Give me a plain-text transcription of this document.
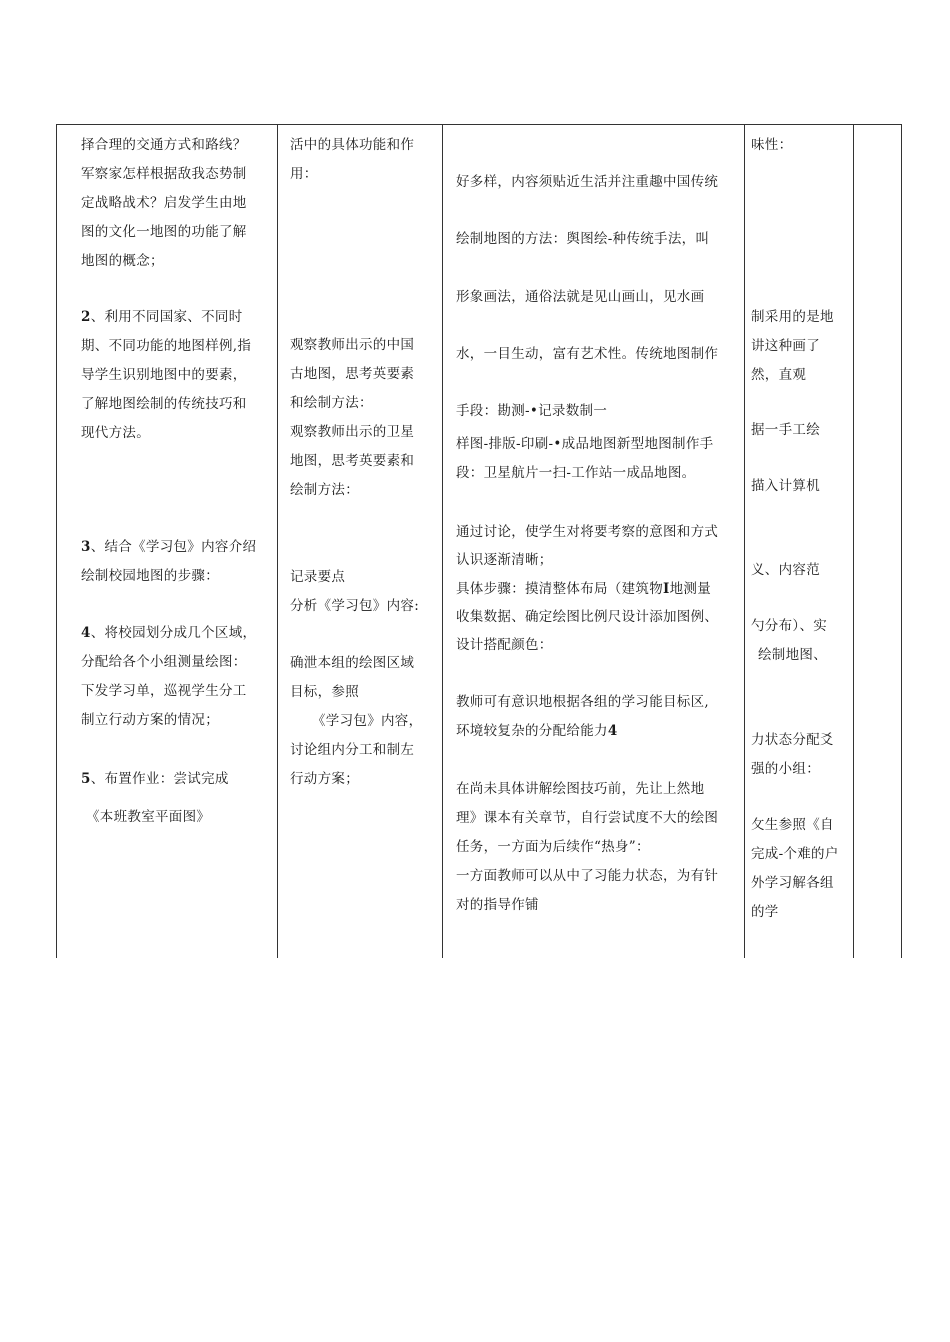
择合理的交通方式和路线？
军察家怎样根据敌我态势制
定战略战术？启发学生由地
图的文化一地图的功能了解
地图的概念；
2、利用不同国家、不同时
期、不同功能的地图样例,指
导学生识别地图中的要素，
了解地图绘制的传统技巧和
现代方法。
3、结合《学习包》内容介绍
绘制校园地图的步骤：
4、将校园划分成几个区域，
分配给各个小组测量绘图：
下发学习单，巡视学生分工
制立行动方案的情况；
5、布置作业：尝试完成
《本班教室平面图》
活中的具体功能和作
用：
观察教师出示的中国
古地图，思考英要素
和绘制方法：
观察教师出示的卫星
地图，思考英要素和
绘制方法：
记录要点
分析《学习包》内容:
确泄本组的绘图区域
目标，参照
《学习包》内容，
讨论组内分工和制左
行动方案；
好多样，内容须贴近生活并注重趣中国传统
绘制地图的方法：舆图绘-种传统手法，叫
形象画法，通俗法就是见山画山，见水画
水，一目生动，富有艺术性。传统地图制作
手段：勘测-•记录数制一
样图-排版-印刷-•成品地图新型地图制作手
段：卫星航片一扫-工作站一成品地图。
通过讨论，使学生对将要考察的意图和方式
认识逐渐清晰；
具体步骤：摸清整体布局（建筑物I地测量
收集数据、确定绘图比例尺设计添加图例、
设计搭配颜色：
教师可有意识地根据各组的学习能目标区,
环境较复杂的分配给能力4
在尚未具体讲解绘图技巧前，先让上然地
理》课本有关章节，自行尝试度不大的绘图
任务，一方面为后续作“热身”：
一方面教师可以从中了习能力状态，为有针
对的指导作铺
味性：
制采用的是地
讲这种画了
然，直观
据一手工绘
描入计算机
义、内容范
勺分布）、实
绘制地图、
力状态分配爻
强的小组：
攵生参照《自
完成-个难的户
外学习解各组
的学
